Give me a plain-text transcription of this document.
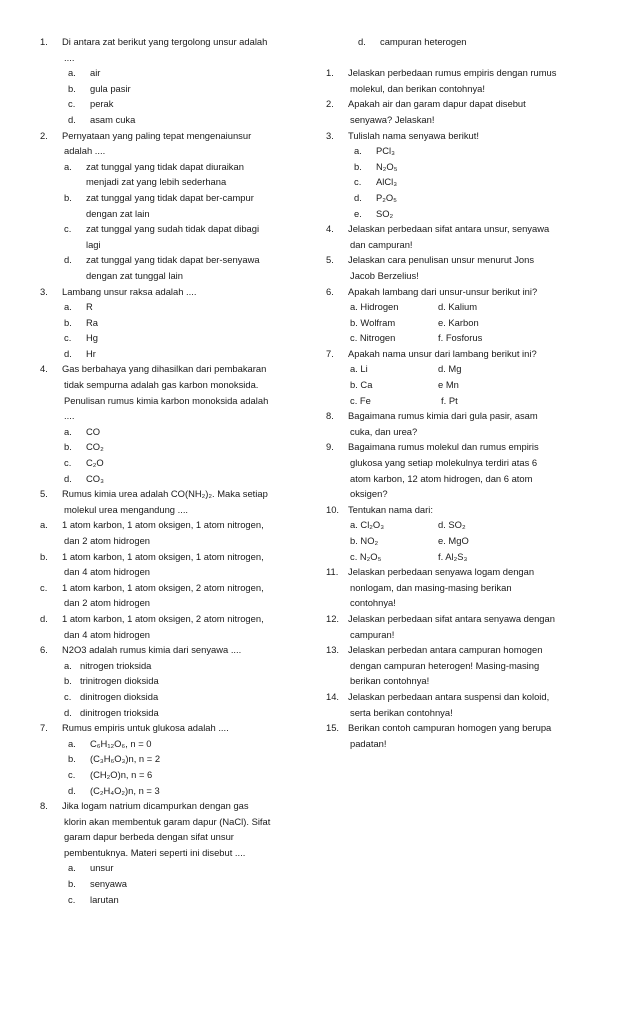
1. Di antara zat berikut yang tergolong unsur adalah
....
a. air
b. gula pasir
c. perak
d. asam cuka
2. Pernyataan yang paling tepat mengenaiunsur
adalah ....
a. zat tunggal yang tidak dapat diuraikan
menjadi zat yang lebih sederhana
b. zat tunggal yang tidak dapat ber-campur
dengan zat lain
c. zat tunggal yang sudah tidak dapat dibagi
lagi
d. zat tunggal yang tidak dapat ber-senyawa
dengan zat tunggal lain
3. Lambang unsur raksa adalah ....
a. R
b. Ra
c. Hg
d. Hr
4. Gas berbahaya yang dihasilkan dari pembakaran
tidak sempurna adalah gas karbon monoksida.
Penulisan rumus kimia karbon monoksida adalah
....
a. CO
b. CO₂
c. C₂O
d. CO₃
5. Rumus kimia urea adalah CO(NH₂)₂. Maka setiap
molekul urea mengandung ....
a. 1 atom karbon, 1 atom oksigen, 1 atom nitrogen,
dan 2 atom hidrogen
b. 1 atom karbon, 1 atom oksigen, 1 atom nitrogen,
dan 4 atom hidrogen
c. 1 atom karbon, 1 atom oksigen, 2 atom nitrogen,
dan 2 atom hidrogen
d. 1 atom karbon, 1 atom oksigen, 2 atom nitrogen,
dan 4 atom hidrogen
6. N2O3 adalah rumus kimia dari senyawa ....
a. nitrogen trioksida
b. trinitrogen dioksida
c. dinitrogen dioksida
d. dinitrogen trioksida
7. Rumus empiris untuk glukosa adalah ....
a. C₆H₁₂O₆, n = 0
b. (C₃H₆O₃)n, n = 2
c. (CH₂O)n, n = 6
d. (C₂H₄O₂)n, n = 3
8. Jika logam natrium dicampurkan dengan gas
klorin akan membentuk garam dapur (NaCl). Sifat
garam dapur berbeda dengan sifat unsur
pembentuknya. Materi seperti ini disebut ....
a. unsur
b. senyawa
c. larutan
d. campuran heterogen
1. Jelaskan perbedaan rumus empiris dengan rumus
molekul, dan berikan contohnya!
2. Apakah air dan garam dapur dapat disebut
senyawa? Jelaskan!
3. Tulislah nama senyawa berikut!
a. PCl₃
b. N₂O₅
c. AlCl₃
d. P₂O₅
e. SO₂
4. Jelaskan perbedaan sifat antara unsur, senyawa
dan campuran!
5. Jelaskan cara penulisan unsur menurut Jons
Jacob Berzelius!
6. Apakah lambang dari unsur-unsur berikut ini?
a. Hidrogen	d. Kalium
b. Wolfram	e. Karbon
c. Nitrogen	f. Fosforus
7. Apakah nama unsur dari lambang berikut ini?
a. Li	d. Mg
b. Ca	e Mn
c. Fe	f. Pt
8. Bagaimana rumus kimia dari gula pasir, asam
cuka, dan urea?
9. Bagaimana rumus molekul dan rumus empiris
glukosa yang setiap molekulnya terdiri atas 6
atom karbon, 12 atom hidrogen, dan 6 atom
oksigen?
10. Tentukan nama dari:
a. Cl₂O₃	d. SO₂
b. NO₂	e. MgO
c. N₂O₅	f. Al₂S₃
11. Jelaskan perbedaan senyawa logam dengan
nonlogam, dan masing-masing berikan
contohnya!
12. Jelaskan perbedaan sifat antara senyawa dengan
campuran!
13. Jelaskan perbedan antara campuran homogen
dengan campuran heterogen! Masing-masing
berikan contohnya!
14. Jelaskan perbedaan antara suspensi dan koloid,
serta berikan contohnya!
15. Berikan contoh campuran homogen yang berupa
padatan!
